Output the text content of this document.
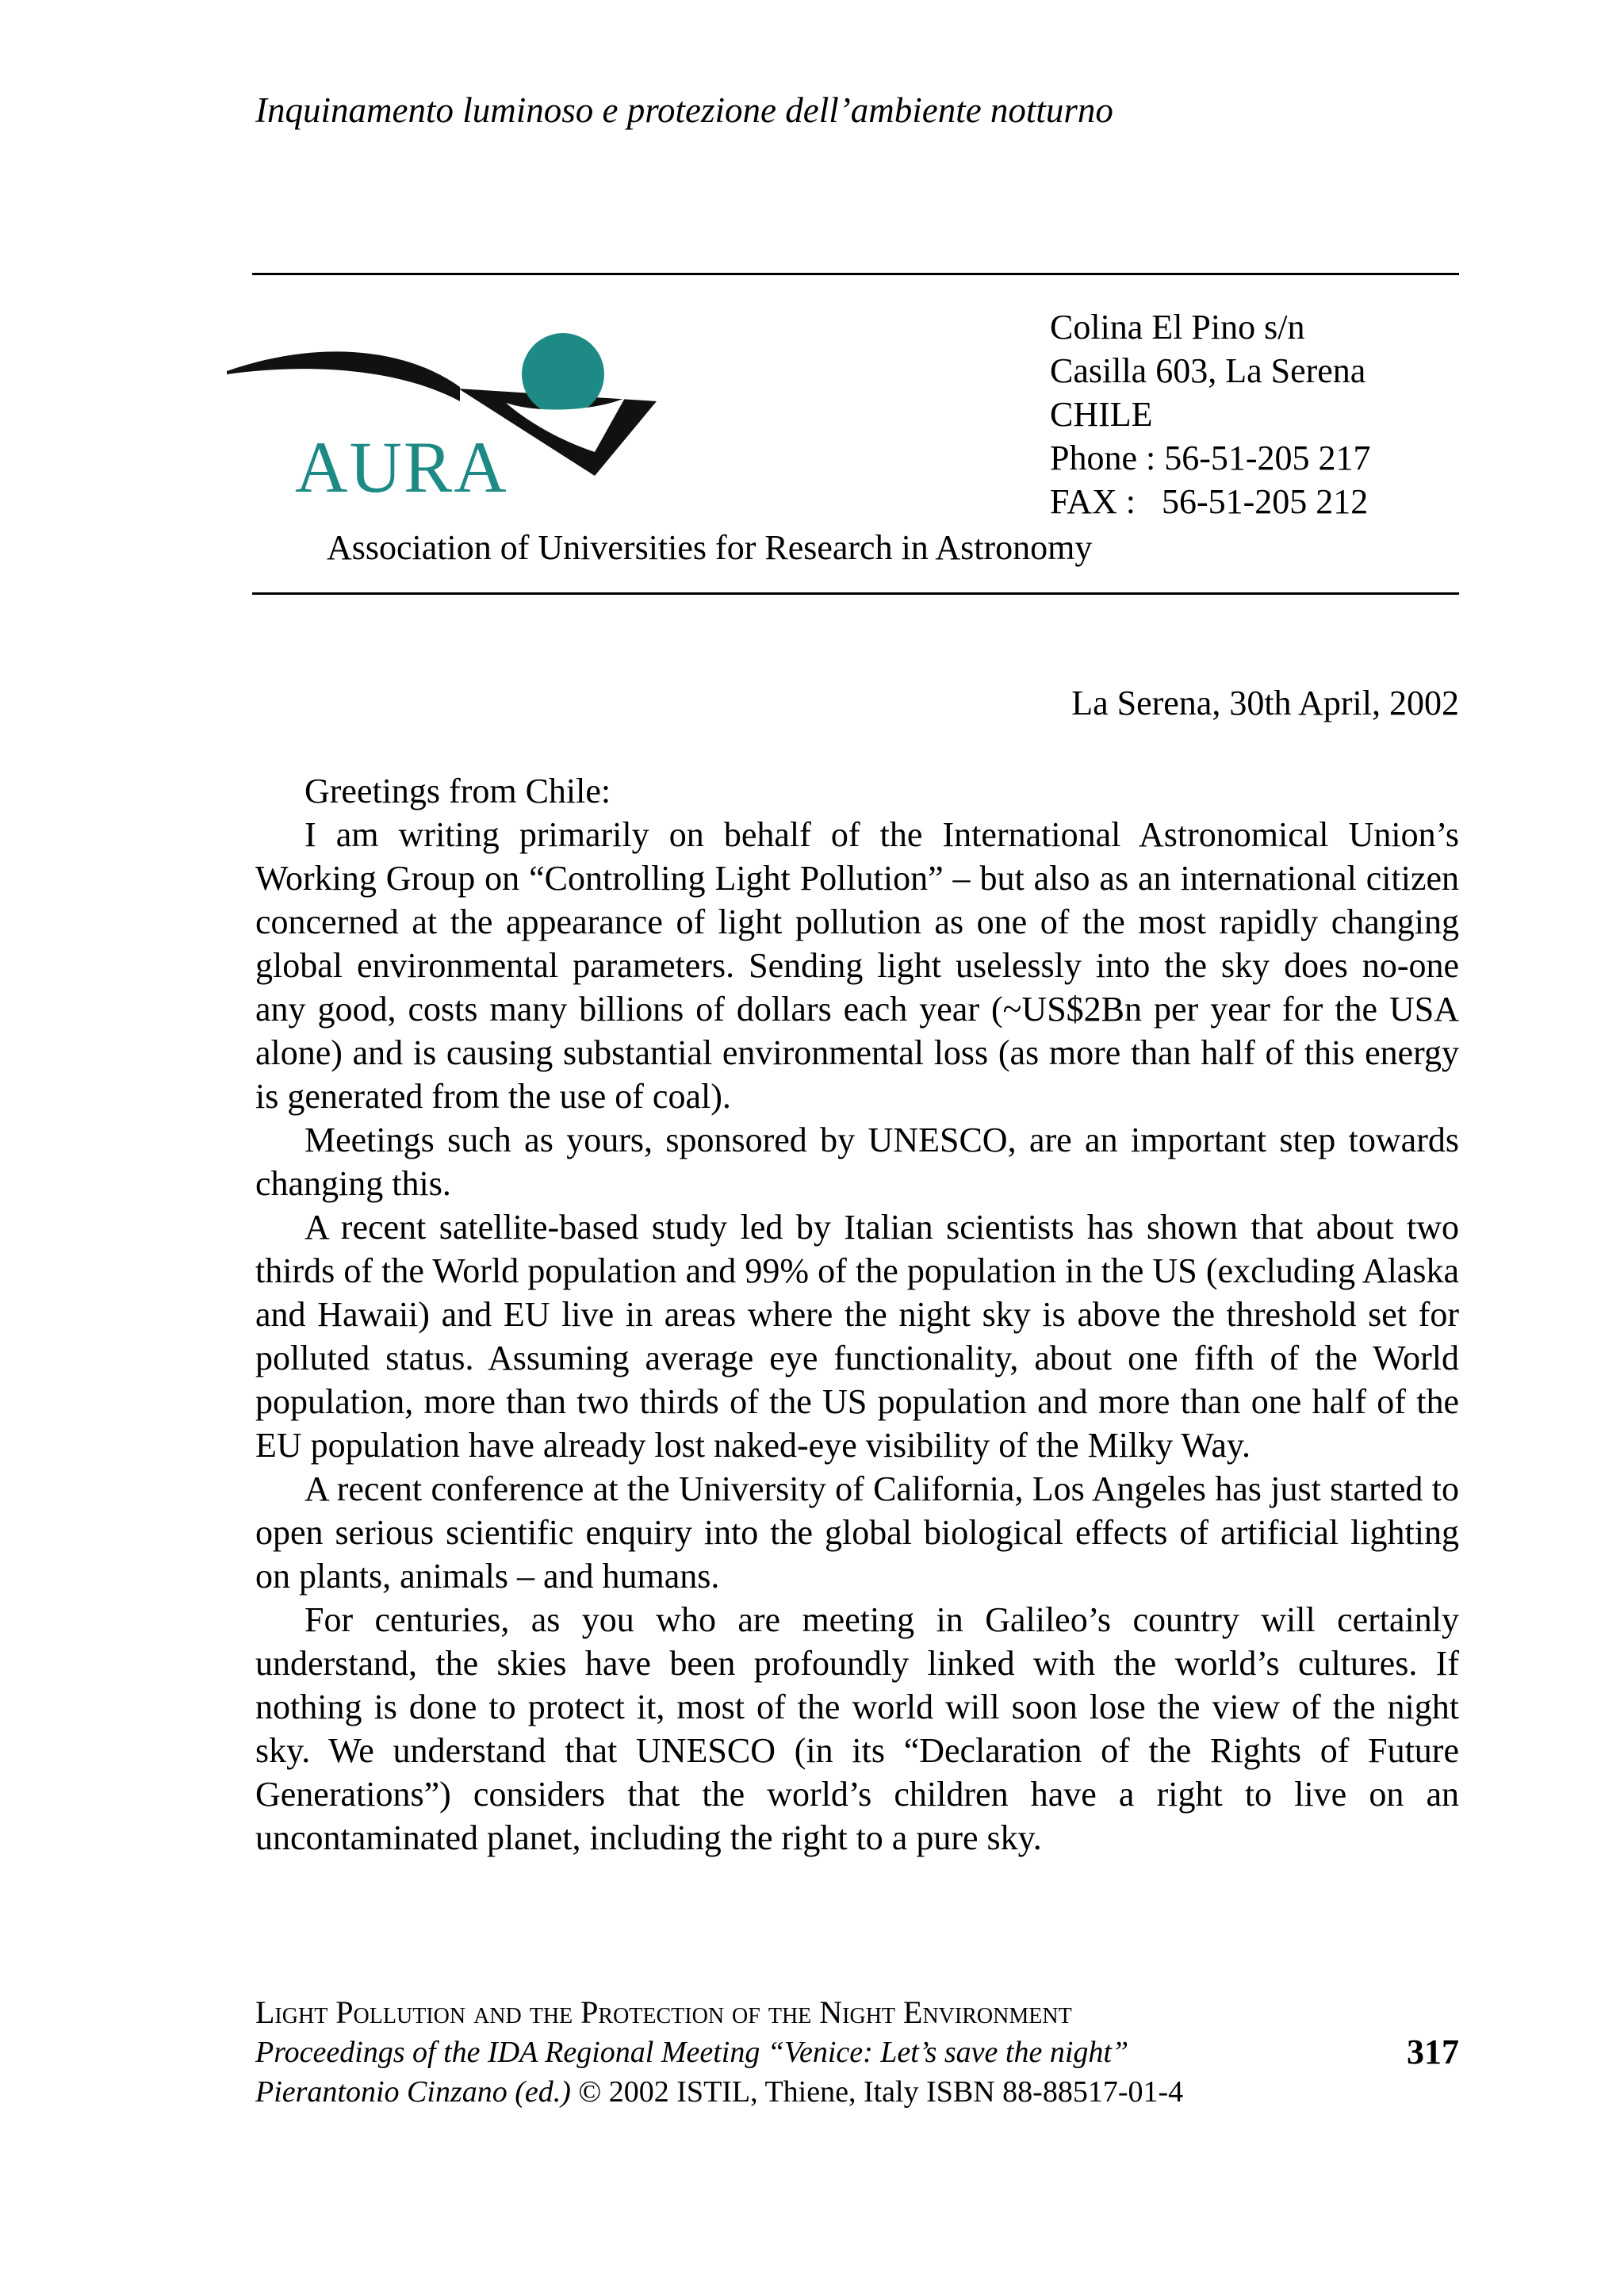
Inquinamento luminoso e protezione dell’ambiente notturno
AURA
Association of Universities for Research in Astronomy
Colina El Pino s/n
Casilla 603, La Serena
CHILE
Phone : 56-51-205 217
FAX :   56-51-205 212
La Serena, 30th April, 2002

Greetings from Chile:

I am writing primarily on behalf of the International Astronomical Union’s Working Group on “Controlling Light Pollution” – but also as an international citizen concerned at the appearance of light pollution as one of the most rapidly changing global environmental parameters. Sending light uselessly into the sky does no-one any good, costs many billions of dollars each year (~US$2Bn per year for the USA alone) and is causing substantial environmental loss (as more than half of this energy is generated from the use of coal).

Meetings such as yours, sponsored by UNESCO, are an important step towards changing this.

A recent satellite-based study led by Italian scientists has shown that about two thirds of the World population and 99% of the population in the US (excluding Alaska and Hawaii) and EU live in areas where the night sky is above the threshold set for polluted status. Assuming average eye functionality, about one fifth of the World population, more than two thirds of the US population and more than one half of the EU population have already lost naked-eye visibility of the Milky Way.

A recent conference at the University of California, Los Angeles has just started to open serious scientific enquiry into the global biological effects of artificial lighting on plants, animals – and humans.

For centuries, as you who are meeting in Galileo’s country will certainly understand, the skies have been profoundly linked with the world’s cultures. If nothing is done to protect it, most of the world will soon lose the view of the night sky. We understand that UNESCO (in its “Declaration of the Rights of Future Generations”) considers that the world’s children have a right to live on an uncontaminated planet, including the right to a pure sky.

Light Pollution and the Protection of the Night Environment
Proceedings of the IDA Regional Meeting “Venice: Let’s save the night”
Pierantonio Cinzano (ed.) © 2002 ISTIL, Thiene, Italy ISBN 88-88517-01-4
317
